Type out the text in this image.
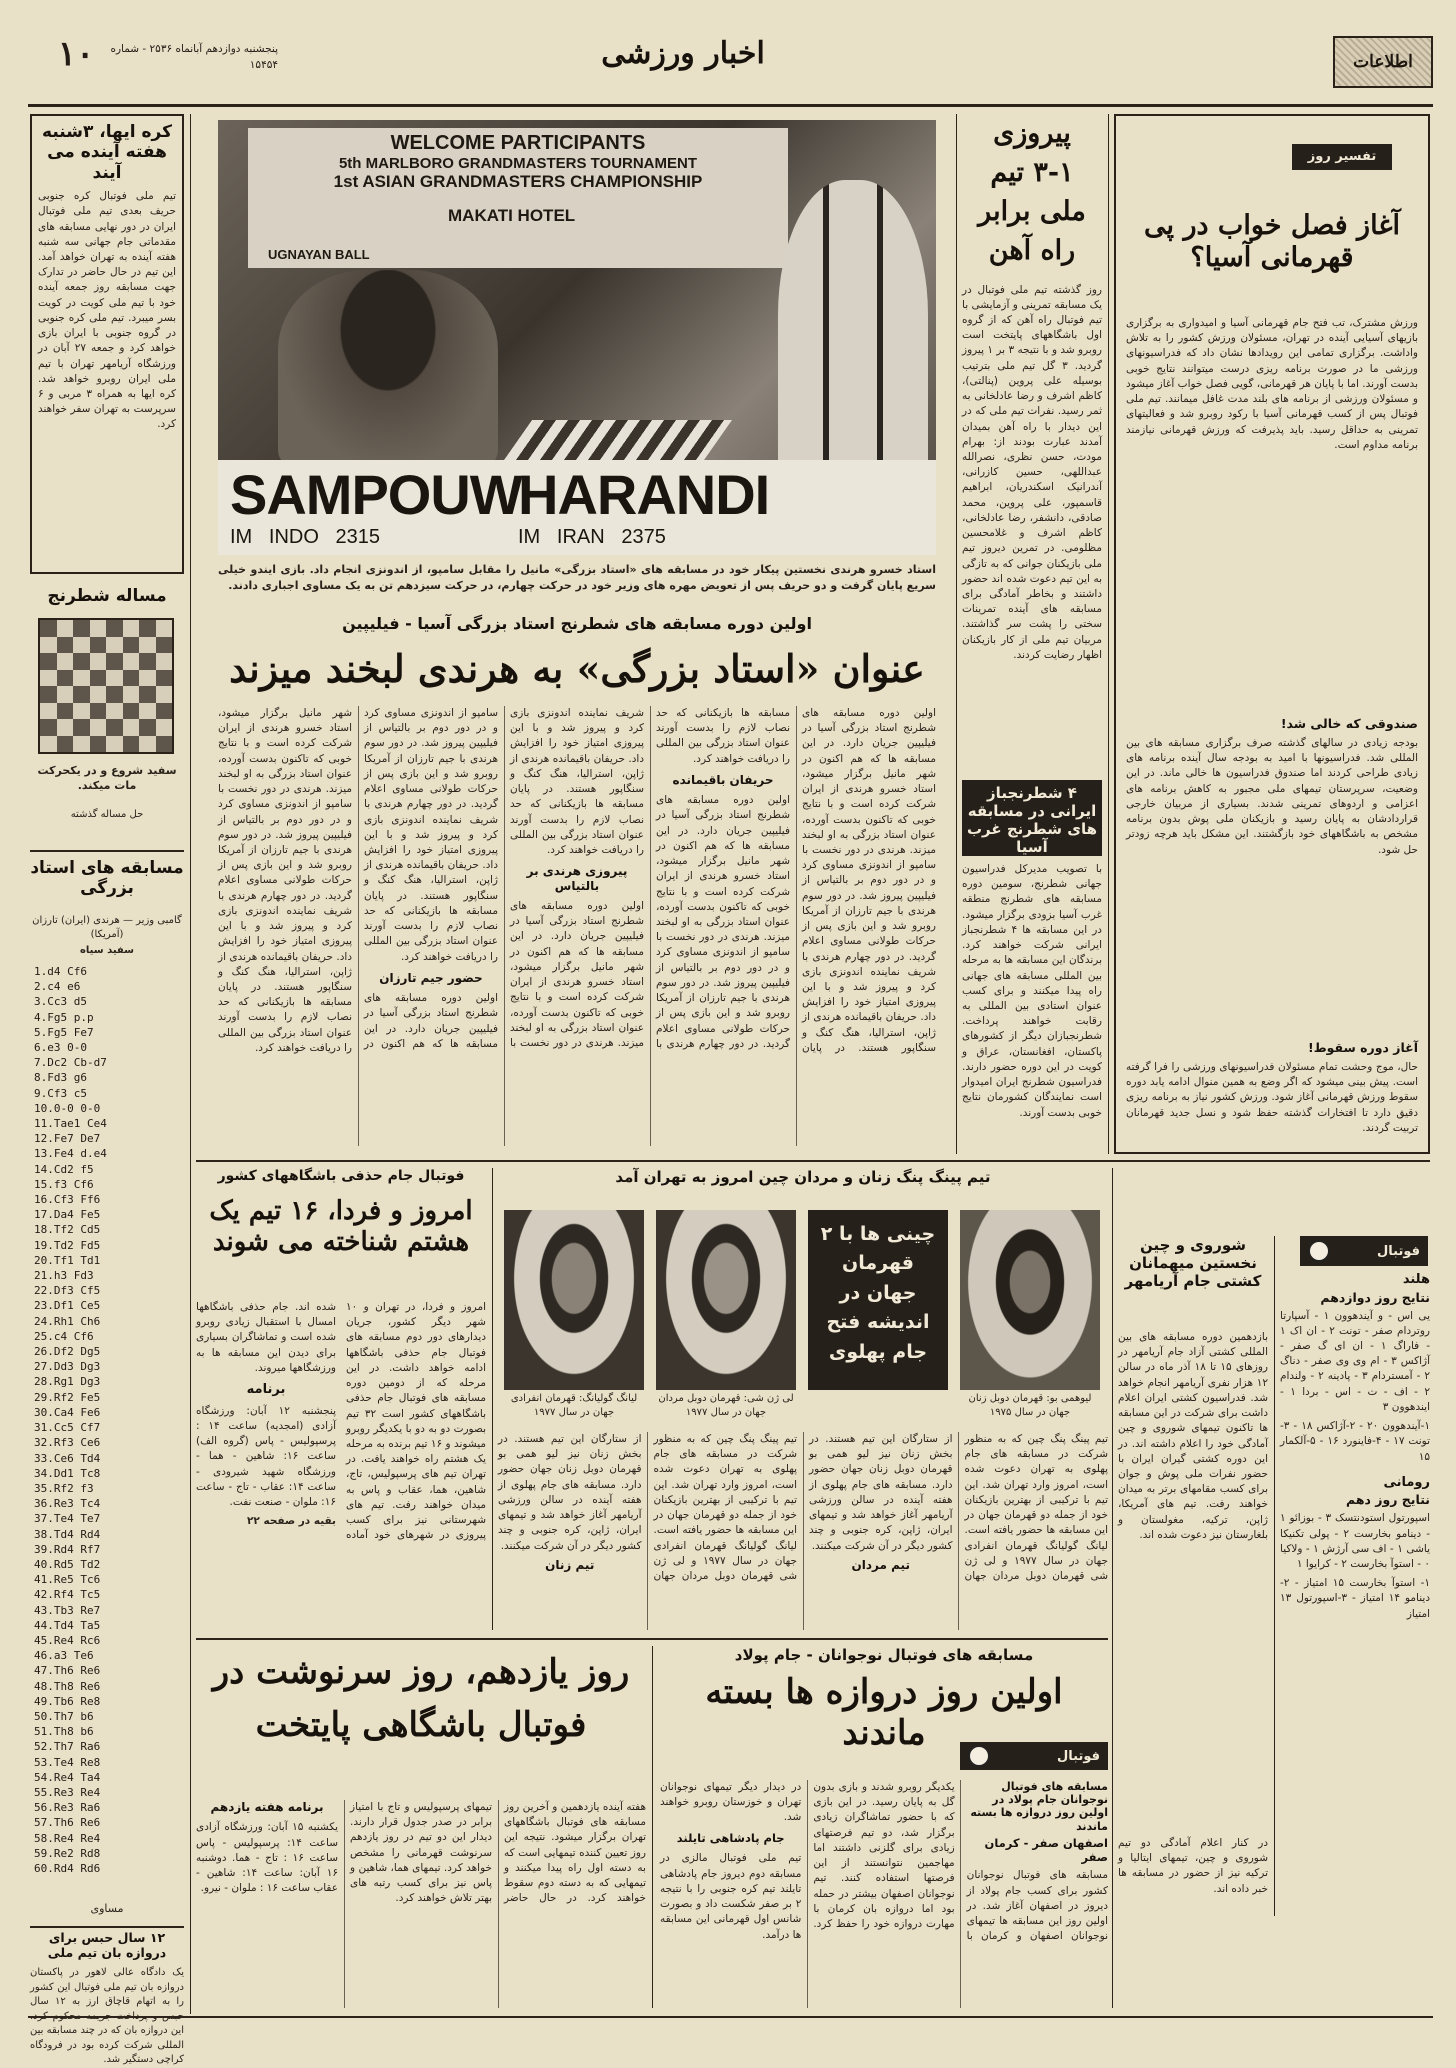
اطلاعات
اخبار ورزشی
پنجشنبه دوازدهم آبانماه ۲۵۳۶ - شماره ۱۵۴۵۴
۱۰
کره ایها، ۳شنبه هفته آینده می آیند
تیم ملی فوتبال کره جنوبی حریف بعدی تیم ملی فوتبال ایران در دور نهایی مسابقه های مقدماتی جام جهانی سه شنبه هفته آینده به تهران خواهد آمد. این تیم در حال حاضر در تدارک جهت مسابقه روز جمعه آینده خود با تیم ملی کویت در کویت بسر میبرد. تیم ملی کره جنوبی در گروه جنوبی با ایران بازی خواهد کرد و جمعه ۲۷ آبان در ورزشگاه آریامهر تهران با تیم ملی ایران روبرو خواهد شد. کره ایها به همراه ۳ مربی و ۶ سرپرست به تهران سفر خواهند کرد.
مساله شطرنج
سفید شروع و در یکحرکت مات میکند.
حل مساله گذشته
مسابقه های استاد بزرگی
گامبی وزیر — هرندی (ایران) تارزان (آمریکا)
سفید سیاه
1.d4 Cf6
2.c4 e6
3.Cc3 d5
4.Fg5 p.p
5.Fg5 Fe7
6.e3 0-0
7.Dc2 Cb-d7
8.Fd3 g6
9.Cf3 c5
10.0-0 0-0
11.Tae1 Ce4
12.Fe7 De7
13.Fe4 d.e4
14.Cd2 f5
15.f3 Cf6
16.Cf3 Ff6
17.Da4 Fe5
18.Tf2 Cd5
19.Td2 Fd5
20.Tf1 Td1
21.h3 Fd3
22.Df3 Cf5
23.Df1 Ce5
24.Rh1 Ch6
25.c4 Cf6
26.Df2 Dg5
27.Dd3 Dg3
28.Rg1 Dg3
29.Rf2 Fe5
30.Ca4 Fe6
31.Cc5 Cf7
32.Rf3 Ce6
33.Ce6 Td4
34.Dd1 Tc8
35.Rf2 f3
36.Re3 Tc4
37.Te4 Te7
38.Td4 Rd4
39.Rd4 Rf7
40.Rd5 Td2
41.Re5 Tc6
42.Rf4 Tc5
43.Tb3 Re7
44.Td4 Ta5
45.Re4 Rc6
46.a3 Te6
47.Th6 Re6
48.Th8 Re6
49.Tb6 Re8
50.Th7 b6
51.Th8 b6
52.Th7 Ra6
53.Te4 Re8
54.Re4 Ta4
55.Re3 Re4
56.Re3 Ra6
57.Th6 Re6
58.Re4 Re4
59.Re2 Rd8
60.Rd4 Rd6
مساوی
۱۲ سال حبس برای دروازه بان تیم ملی
یک دادگاه عالی لاهور در پاکستان دروازه بان تیم ملی فوتبال این کشور را به اتهام قاچاق ارز به ۱۲ سال این دروازه بان که در چند مسابقه بین المللی شرکت کرده بود در فرودگاه کراچی دستگیر شد.
WELCOME PARTICIPANTS
5th MARLBORO GRANDMASTERS TOURNAMENT
1st ASIAN GRANDMASTERS CHAMPIONSHIP
UGNAYAN BALL
MAKATI HOTEL
SAMPOUW
HARANDI
IM   INDO   2315	IM   IRAN   2375
استاد خسرو هرندی نخستین پیکار خود در مسابقه های «استاد بزرگی» مانیل را مقابل سامپو، از اندونزی انجام داد. بازی ایندو خیلی سریع پایان گرفت و دو حریف پس از تعویض مهره های وزیر خود در حرکت چهارم، در حرکت سیزدهم تن به یک مساوی اجباری دادند.
اولین دوره مسابقه های شطرنج استاد بزرگی آسیا - فیلیپین
عنوان «استاد بزرگی» به هرندی لبخند میزند
اولین دوره مسابقه های شطرنج استاد بزرگی آسیا در فیلیپین جریان دارد. در این مسابقه ها که هم اکنون در شهر مانیل برگزار میشود، استاد خسرو هرندی از ایران شرکت کرده است و با نتایج خوبی که تاکنون بدست آورده، عنوان استاد بزرگی به او لبخند میزند. هرندی در دور نخست با سامپو از اندونزی مساوی کرد و در دور دوم بر بالتیاس از فیلیپین پیروز شد. در دور سوم هرندی با جیم تارزان از آمریکا روبرو شد و این بازی پس از حرکات طولانی مساوی اعلام گردید. در دور چهارم هرندی با شریف نماینده اندونزی بازی کرد و پیروز شد و با این پیروزی امتیاز خود را افزایش داد. حریفان باقیمانده هرندی از ژاپن، استرالیا، هنگ کنگ و سنگاپور هستند. در پایان مسابقه ها بازیکنانی که حد نصاب لازم را بدست آورند عنوان استاد بزرگی بین المللی را دریافت خواهند کرد.
حریفان باقیمانده
اولین دوره مسابقه های شطرنج استاد بزرگی آسیا در فیلیپین جریان دارد. در این مسابقه ها که هم اکنون در شهر مانیل برگزار میشود، استاد خسرو هرندی از ایران شرکت کرده است و با نتایج خوبی که تاکنون بدست آورده، عنوان استاد بزرگی به او لبخند میزند. هرندی در دور نخست با سامپو از اندونزی مساوی کرد و در دور دوم بر بالتیاس از فیلیپین پیروز شد. در دور سوم هرندی با جیم تارزان از آمریکا روبرو شد و این بازی پس از حرکات طولانی مساوی اعلام گردید. در دور چهارم هرندی با شریف نماینده اندونزی بازی کرد و پیروز شد و با این پیروزی امتیاز خود را افزایش داد. حریفان باقیمانده هرندی از ژاپن، استرالیا، هنگ کنگ و سنگاپور هستند. در پایان مسابقه ها بازیکنانی که حد نصاب لازم را بدست آورند عنوان استاد بزرگی بین المللی را دریافت خواهند کرد.
پیروزی هرندی بر بالتیاس
اولین دوره مسابقه های شطرنج استاد بزرگی آسیا در فیلیپین جریان دارد. در این مسابقه ها که هم اکنون در شهر مانیل برگزار میشود، استاد خسرو هرندی از ایران شرکت کرده است و با نتایج خوبی که تاکنون بدست آورده، عنوان استاد بزرگی به او لبخند میزند. هرندی در دور نخست با سامپو از اندونزی مساوی کرد و در دور دوم بر بالتیاس از فیلیپین پیروز شد. در دور سوم هرندی با جیم تارزان از آمریکا روبرو شد و این بازی پس از حرکات طولانی مساوی اعلام گردید. در دور چهارم هرندی با شریف نماینده اندونزی بازی کرد و پیروز شد و با این پیروزی امتیاز خود را افزایش داد. حریفان باقیمانده هرندی از ژاپن، استرالیا، هنگ کنگ و سنگاپور هستند. در پایان مسابقه ها بازیکنانی که حد نصاب لازم را بدست آورند عنوان استاد بزرگی بین المللی را دریافت خواهند کرد.
حضور جیم تارزان
اولین دوره مسابقه های شطرنج استاد بزرگی آسیا در فیلیپین جریان دارد. در این مسابقه ها که هم اکنون در شهر مانیل برگزار میشود، استاد خسرو هرندی از ایران شرکت کرده است و با نتایج خوبی که تاکنون بدست آورده، عنوان استاد بزرگی به او لبخند میزند. هرندی در دور نخست با سامپو از اندونزی مساوی کرد و در دور دوم بر بالتیاس از فیلیپین پیروز شد. در دور سوم هرندی با جیم تارزان از آمریکا روبرو شد و این بازی پس از حرکات طولانی مساوی اعلام گردید. در دور چهارم هرندی با شریف نماینده اندونزی بازی کرد و پیروز شد و با این پیروزی امتیاز خود را افزایش داد. حریفان باقیمانده هرندی از ژاپن، استرالیا، هنگ کنگ و سنگاپور هستند. در پایان مسابقه ها بازیکنانی که حد نصاب لازم را بدست آورند عنوان استاد بزرگی بین المللی را دریافت خواهند کرد.
پیروزی ۱-۳ تیم ملی برابر راه آهن
روز گذشته تیم ملی فوتبال در یک مسابقه تمرینی و آزمایشی با تیم فوتبال راه آهن که از گروه اول باشگاههای پایتخت است روبرو شد و با نتیجه ۳ بر ۱ پیروز گردید. ۳ گل تیم ملی بترتیب بوسیله علی پروین (پنالتی)، کاظم اشرف و رضا عادلخانی به ثمر رسید. نفرات تیم ملی که در این دیدار با راه آهن بمیدان آمدند عبارت بودند از: بهرام مودت، حسن نظری، نصرالله عبداللهی، حسین کازرانی، آندرانیک اسکندریان، ابراهیم قاسمپور، علی پروین، محمد صادقی، دانشفر، رضا عادلخانی، کاظم اشرف و غلامحسین مظلومی. در تمرین دیروز تیم ملی بازیکنان جوانی که به تازگی به این تیم دعوت شده اند حضور داشتند و بخاطر آمادگی برای مسابقه های آینده تمرینات سختی را پشت سر گذاشتند. مربیان تیم ملی از کار بازیکنان اظهار رضایت کردند.
۴ شطرنجباز ایرانی در مسابقه های شطرنج غرب آسیا
با تصویب مدیرکل فدراسیون جهانی شطرنج، سومین دوره مسابقه های شطرنج منطقه غرب آسیا بزودی برگزار میشود. در این مسابقه ها ۴ شطرنجباز ایرانی شرکت خواهند کرد. برندگان این مسابقه ها به مرحله بین المللی مسابقه های جهانی راه پیدا میکنند و برای کسب عنوان استادی بین المللی به رقابت خواهند پرداخت. شطرنجبازان دیگر از کشورهای پاکستان، افغانستان، عراق و کویت در این دوره حضور دارند. فدراسیون شطرنج ایران امیدوار است نمایندگان کشورمان نتایج خوبی بدست آورند.
تفسیر روز
آغاز فصل خواب در پی قهرمانی آسیا؟
ورزش مشترک، تب فتح جام قهرمانی آسیا و امیدواری به برگزاری بازیهای آسیایی آینده در تهران، مسئولان ورزش کشور را به تلاش واداشت. برگزاری تمامی این رویدادها نشان داد که فدراسیونهای ورزشی ما در صورت برنامه ریزی درست میتوانند نتایج خوبی بدست آورند. اما با پایان هر قهرمانی، گویی فصل خواب آغاز میشود و مسئولان ورزشی از برنامه های بلند مدت غافل میمانند. تیم ملی فوتبال پس از کسب قهرمانی آسیا با رکود روبرو شد و فعالیتهای تمرینی به حداقل رسید. باید پذیرفت که ورزش قهرمانی نیازمند برنامه مداوم است.
صندوقی که خالی شد!
بودجه زیادی در سالهای گذشته صرف برگزاری مسابقه های بین المللی شد. فدراسیونها با امید به بودجه سال آینده برنامه های زیادی طراحی کردند اما صندوق فدراسیون ها خالی ماند. در این وضعیت، سرپرستان تیمهای ملی مجبور به کاهش برنامه های اعزامی و اردوهای تمرینی شدند. بسیاری از مربیان خارجی قراردادشان به پایان رسید و بازیکنان ملی پوش بدون برنامه مشخص به باشگاههای خود بازگشتند. این مشکل باید هرچه زودتر حل شود.
آغاز دوره سقوط!
حال، موج وحشت تمام مسئولان فدراسیونهای ورزشی را فرا گرفته است. پیش بینی میشود که اگر وضع به همین منوال ادامه یابد دوره سقوط ورزش قهرمانی آغاز شود. ورزش کشور نیاز به برنامه ریزی دقیق دارد تا افتخارات گذشته حفظ شود و نسل جدید قهرمانان تربیت گردند.
فوتبال جام حذفی باشگاههای کشور
امروز و فردا، ۱۶ تیم یک هشتم شناخته می شوند
امروز و فردا، در تهران و ۱۰ شهر دیگر کشور، جریان دیدارهای دور دوم مسابقه های فوتبال جام حذفی باشگاهها ادامه خواهد داشت. در این مرحله که از دومین دوره مسابقه های فوتبال جام حذفی باشگاههای کشور است ۳۲ تیم بصورت دو به دو با یکدیگر روبرو میشوند و ۱۶ تیم برنده به مرحله یک هشتم راه خواهند یافت. در تهران تیم های پرسپولیس، تاج، شاهین، هما، عقاب و پاس به میدان خواهند رفت. تیم های شهرستانی نیز برای کسب پیروزی در شهرهای خود آماده شده اند. جام حذفی باشگاهها امسال با استقبال زیادی روبرو شده است و تماشاگران بسیاری برای دیدن این مسابقه ها به ورزشگاهها میروند.
برنامه
پنجشنبه ۱۲ آبان: ورزشگاه آزادی (امجدیه) ساعت ۱۴ : پرسپولیس - پاس (گروه الف) ساعت ۱۶: شاهین - هما - ورزشگاه شهید شیرودی - ساعت ۱۴: عقاب - تاج - ساعت ۱۶: ملوان - صنعت نفت.
بقیه در صفحه ۲۲
تیم پینگ پنگ زنان و مردان چین امروز به تهران آمد
لیانگ گولیانگ: قهرمان انفرادی جهان در سال ۱۹۷۷
لی ژن شی: قهرمان دوبل مردان جهان در سال ۱۹۷۷
چینی ها با ۲ قهرمان جهان در اندیشه فتح جام پهلوی
لیوهمی بو: قهرمان دوبل زنان جهان در سال ۱۹۷۵
تیم پینگ پنگ چین که به منظور شرکت در مسابقه های جام پهلوی به تهران دعوت شده است، امروز وارد تهران شد. این تیم با ترکیبی از بهترین بازیکنان خود از جمله دو قهرمان جهان در این مسابقه ها حضور یافته است. لیانگ گولیانگ قهرمان انفرادی جهان در سال ۱۹۷۷ و لی ژن شی قهرمان دوبل مردان جهان از ستارگان این تیم هستند. در بخش زنان نیز لیو همی بو قهرمان دوبل زنان جهان حضور دارد. مسابقه های جام پهلوی از هفته آینده در سالن ورزشی آریامهر آغاز خواهد شد و تیمهای ایران، ژاپن، کره جنوبی و چند کشور دیگر در آن شرکت میکنند.
تیم مردان
تیم پینگ پنگ چین که به منظور شرکت در مسابقه های جام پهلوی به تهران دعوت شده است، امروز وارد تهران شد. این تیم با ترکیبی از بهترین بازیکنان خود از جمله دو قهرمان جهان در این مسابقه ها حضور یافته است. لیانگ گولیانگ قهرمان انفرادی جهان در سال ۱۹۷۷ و لی ژن شی قهرمان دوبل مردان جهان از ستارگان این تیم هستند. در بخش زنان نیز لیو همی بو قهرمان دوبل زنان جهان حضور دارد. مسابقه های جام پهلوی از هفته آینده در سالن ورزشی آریامهر آغاز خواهد شد و تیمهای ایران، ژاپن، کره جنوبی و چند کشور دیگر در آن شرکت میکنند.
تیم زنان
شوروی و چین نخستین میهمانان کشتی جام آریامهر
بازدهمین دوره مسابقه های بین المللی کشتی آزاد جام آریامهر در روزهای ۱۵ تا ۱۸ آذر ماه در سالن ۱۲ هزار نفری آریامهر انجام خواهد شد. فدراسیون کشتی ایران اعلام داشت برای شرکت در این مسابقه ها تاکنون تیمهای شوروی و چین آمادگی خود را اعلام داشته اند. در این دوره کشتی گیران ایران با حضور نفرات ملی پوش و جوان برای کسب مقامهای برتر به میدان خواهند رفت. تیم های آمریکا، ژاپن، ترکیه، مغولستان و بلغارستان نیز دعوت شده اند.
در کنار اعلام آمادگی دو تیم شوروی و چین، تیمهای ایتالیا و ترکیه نیز از حضور در مسابقه ها خبر داده اند.
فوتبال
هلند
نتایج روز دوازدهم
یی اس - و آیندهوون ۱ - آسپارتا روتردام صفر - تونت ۲ - ان اک ۱ - فاراگ ۱ - ان ای گ صفر - آژاکس ۳ - ام وی وی صفر - دناگ ۲ - آمستردام ۳ - پادینه ۲ - ولندام ۲ - اف - ت - اس - بردا ۱ - ایندهوون ۳
۱-آیندهوون ۲۰ - ۲-آژاکس ۱۸ - ۳-تونت ۱۷ - ۴-فاینورد ۱۶ - ۵-آلکمار ۱۵
رومانی
نتایج روز دهم
اسپورتول استودنتسک ۳ - بوزائو ۱ - دینامو بخارست ۲ - پولی تکنیکا یاشی ۱ - اف سی آرژش ۱ - ولاکیا ۰ - استوآ بخارست ۲ - کرایوا ۱
۱- استوآ بخارست ۱۵ امتیاز - ۲-دینامو ۱۴ امتیاز - ۳-اسپورتول ۱۳ امتیاز
مسابقه های فوتبال نوجوانان - جام پولاد
اولین روز دروازه ها بسته ماندند
فوتبال
مسابقه های فوتبال نوجوانان جام پولاد در اولین روز دروازه ها بسته ماندند
اصفهان صفر - کرمان صفر
مسابقه های فوتبال نوجوانان کشور برای کسب جام پولاد از دیروز در اصفهان آغاز شد. در اولین روز این مسابقه ها تیمهای نوجوانان اصفهان و کرمان با یکدیگر روبرو شدند و بازی بدون گل به پایان رسید. در این بازی که با حضور تماشاگران زیادی برگزار شد، دو تیم فرصتهای زیادی برای گلزنی داشتند اما مهاجمین نتوانستند از این فرصتها استفاده کنند. تیم نوجوانان اصفهان بیشتر در حمله بود اما دروازه بان کرمان با مهارت دروازه خود را حفظ کرد. در دیدار دیگر تیمهای نوجوانان تهران و خوزستان روبرو خواهند شد.
جام پادشاهی تایلند
تیم ملی فوتبال مالزی در مسابقه دوم دیروز جام پادشاهی تایلند تیم کره جنوبی را با نتیجه ۲ بر صفر شکست داد و بصورت شانس اول قهرمانی این مسابقه ها درآمد.
روز یازدهم، روز سرنوشت در فوتبال باشگاهی پایتخت
هفته آینده یازدهمین و آخرین روز مسابقه های فوتبال باشگاههای تهران برگزار میشود. نتیجه این روز تعیین کننده تیمهایی است که به دسته اول راه پیدا میکنند و تیمهایی که به دسته دوم سقوط خواهند کرد. در حال حاضر تیمهای پرسپولیس و تاج با امتیاز برابر در صدر جدول قرار دارند. دیدار این دو تیم در روز یازدهم سرنوشت قهرمانی را مشخص خواهد کرد. تیمهای هما، شاهین و پاس نیز برای کسب رتبه های بهتر تلاش خواهند کرد.
برنامه هفته یازدهم
یکشنبه ۱۵ آبان: ورزشگاه آزادی ساعت ۱۴: پرسپولیس - پاس ساعت ۱۶ : تاج - هما. دوشنبه ۱۶ آبان: ساعت ۱۴: شاهین - عقاب ساعت ۱۶ : ملوان - نیرو.
